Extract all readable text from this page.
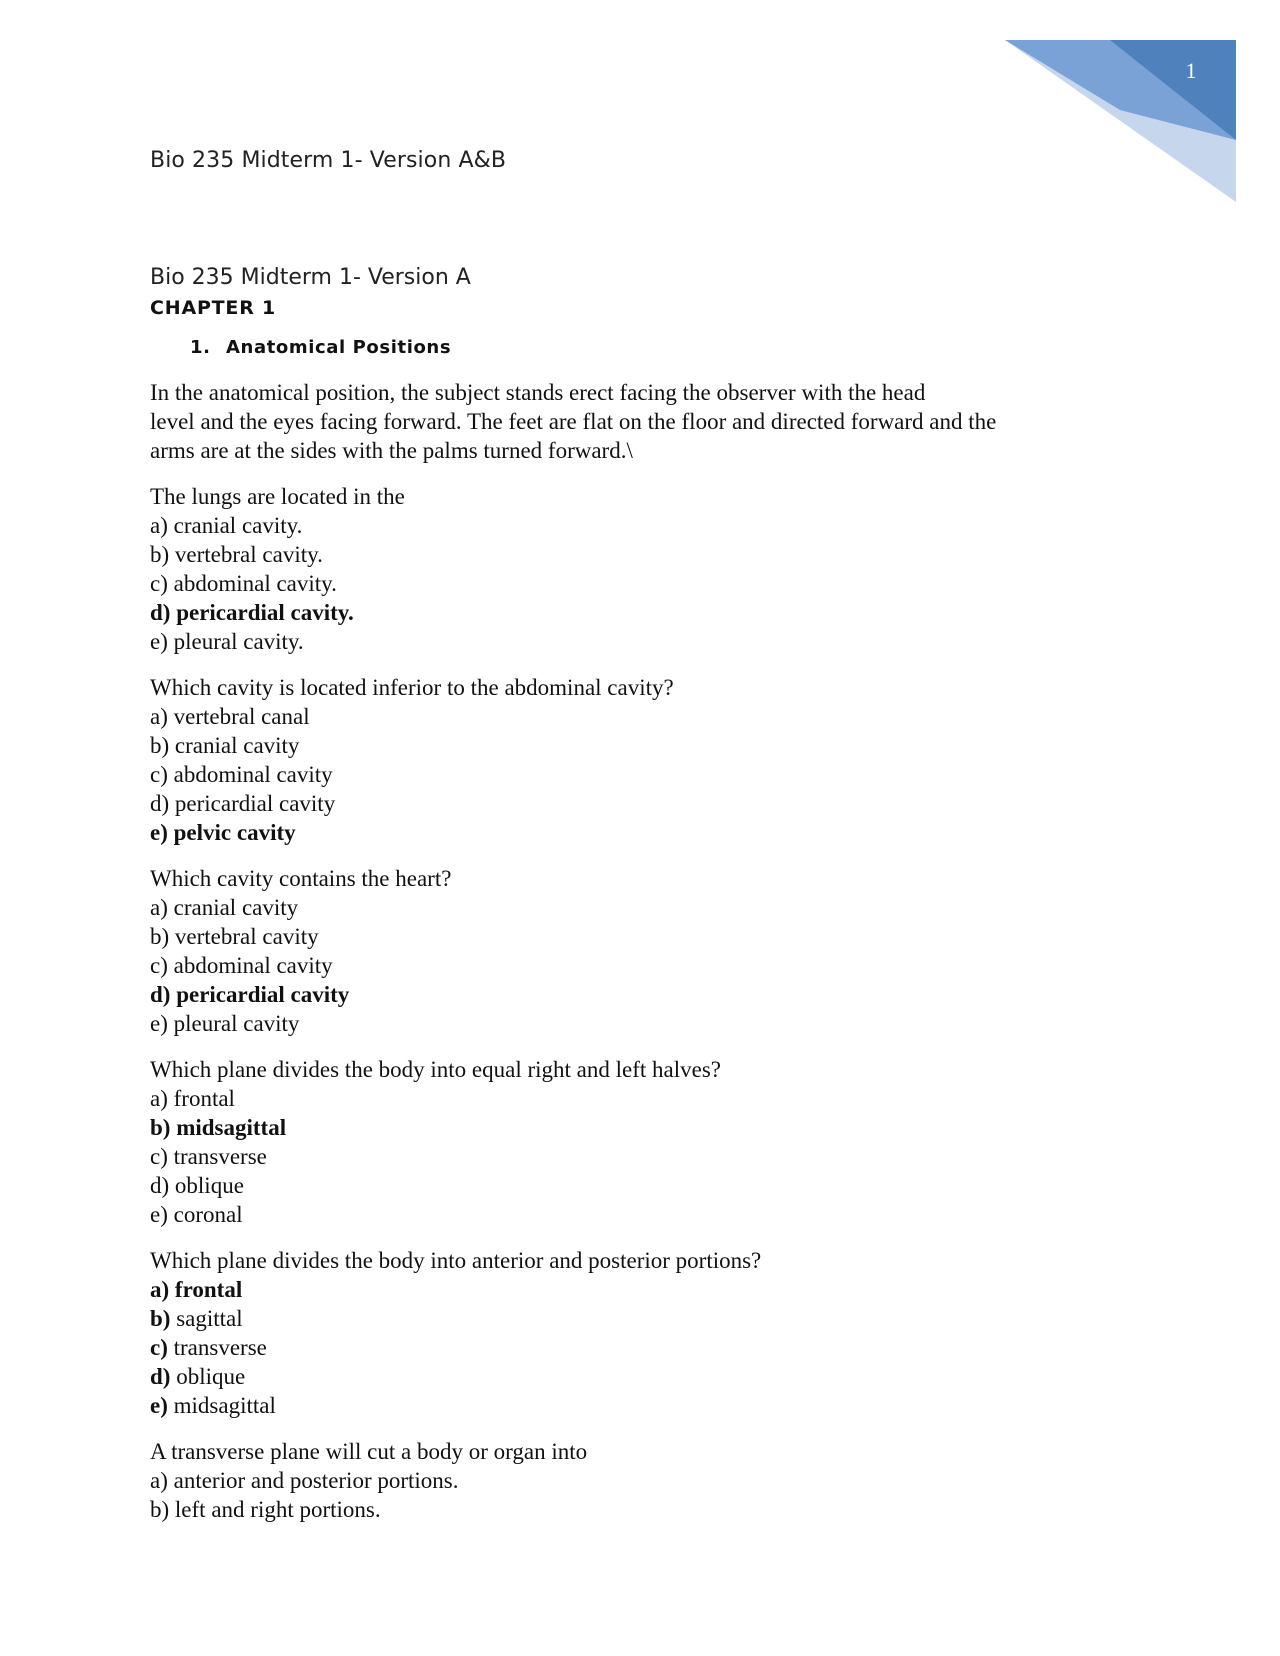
1
Bio 235 Midterm 1- Version A&B
Bio 235 Midterm 1- Version A
CHAPTER 1
1. Anatomical Positions
In the anatomical position, the subject stands erect facing the observer with the head
level and the eyes facing forward. The feet are flat on the floor and directed forward and the
arms are at the sides with the palms turned forward.\
The lungs are located in the
a) cranial cavity.
b) vertebral cavity.
c) abdominal cavity.
d) pericardial cavity.
e) pleural cavity.
Which cavity is located inferior to the abdominal cavity?
a) vertebral canal
b) cranial cavity
c) abdominal cavity
d) pericardial cavity
e) pelvic cavity
Which cavity contains the heart?
a) cranial cavity
b) vertebral cavity
c) abdominal cavity
d) pericardial cavity
e) pleural cavity
Which plane divides the body into equal right and left halves?
a) frontal
b) midsagittal
c) transverse
d) oblique
e) coronal
Which plane divides the body into anterior and posterior portions?
a) frontal
b) sagittal
c) transverse
d) oblique
e) midsagittal
A transverse plane will cut a body or organ into
a) anterior and posterior portions.
b) left and right portions.
